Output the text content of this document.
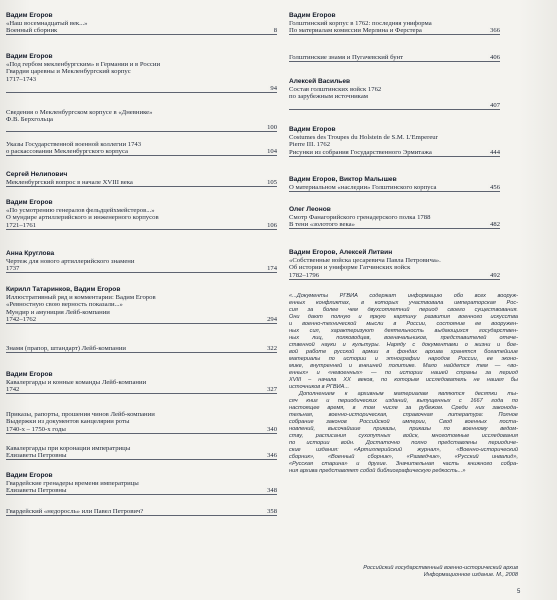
Вадим Егоров
«Наш восемнадцатый век...»
Военный сборник	8
Вадим Егоров
«Под гербом мекленбургским» в Германии и в России
Гвардия царевны и Мекленбургский корпус
1717–1743
94
Сведения о Мекленбургском корпусе в «Дневнике»
Ф.В. Берхгольца
100
Указы Государственной военной коллегии 1743
о раскассовании Мекленбургского корпуса	104
Сергей Нелипович
Мекленбургский вопрос в начале XVIII века	105
Вадим Егоров
«По усмотрению генералов фельдцейхмейстеров...»
О мундире артиллерийского и инженерного корпусов
1721–1761	106
Анна Круглова
Чертеж для нового артиллерийского знамени
1737	174
Кирилл Татаринков, Вадим Егоров
Иллюстративный ряд и комментарии: Вадим Егоров
«Ревностную свою верность показали...»
Мундир и амуниция Лейб-компании
1742–1762	294
Знамя (прапор, штандарт) Лейб-компании	322
Вадим Егоров
Кавалергарды и конные команды Лейб-компании
1742	327
Приказы, рапорты, прошения чинов Лейб-компании
Выдержки из документов канцелярии роты
1740-х – 1750-х годы	340
Кавалергарды при коронации императрицы
Елизаветы Петровны	346
Вадим Егоров
Гвардейские гренадеры времени императрицы
Елизаветы Петровны	348
Гвардейский «недоросль» или Павел Петрович?	358
Вадим Егоров
Голштинский корпус в 1762: последняя униформа
По материалам комиссии Мерлина и Ферстера	366
Голштинские знамя и Пугачевский бунт	406
Алексей Васильев
Состав голштинских войск 1762
по зарубежным источникам
407
Вадим Егоров
Costumes des Troupes du Holstein de S.M. L'Empereur
Pierre III. 1762
Рисунки из собрания Государственного Эрмитажа	444
Вадим Егоров, Виктор Малышев
О материальном «наследии» Голштинского корпуса	456
Олег Леонов
Смотр Фанагорийского гренадерского полка 1788
В тени «золотого века»	482
Вадим Егоров, Алексей Литвин
«Собственные войска цесаревича Павла Петровича».
Об истории и униформе Гатчинских войск
1782–1796	492
«...Документы РГВИА содержат информацию обо всех вооруж-
енных конфликтах, в которых участвовала императорская Рос-
сия за более чем двухсотлетний период своего существования.
Они дают полную и яркую картину развития военного искусства
и военно-технической мысли в России, состояние ее вооружен-
ных сил, характеризуют деятельность выдающихся государствен-
ных лиц, полководцев, военачальников, представителей отече-
ственной науки и культуры. Наряду с документами о жизни и бое-
вой работе русской армии в фондах архива хранятся богатейшие
материалы по истории и этнографии народов России, ее эконо-
мике, внутренней и внешней политике. Мало найдется тем — «во-
енных» и «невоенных» — по истории нашей страны за период
XVIII – начала XX веков, по которым исследователь не нашел бы
источников в РГВИА...
Дополнением к архивным материалам являются десятки ты-
сяч книг и периодических изданий, выпущенных с 1667 года по
настоящее время, в том числе за рубежом. Среди них законода-
тельная, военно-историческая, справочная литература: Полное
собрание законов Российской империи, Свод военных поста-
новлений, высочайшие приказы, приказы по военному ведом-
ству, расписания сухопутных войск, многотомные исследования
по истории войн. Достаточно полно представлены периодиче-
ские издания: «Артиллерийский журнал», «Военно-исторический
сборник», «Военный сборник», «Разведчик», «Русский инвалид»,
«Русская старина» и другие. Значительная часть книжного собра-
ния архива представляет собой библиографическую редкость...»
Российский государственный военно-исторический архив
Информационное издание. М., 2008
5
